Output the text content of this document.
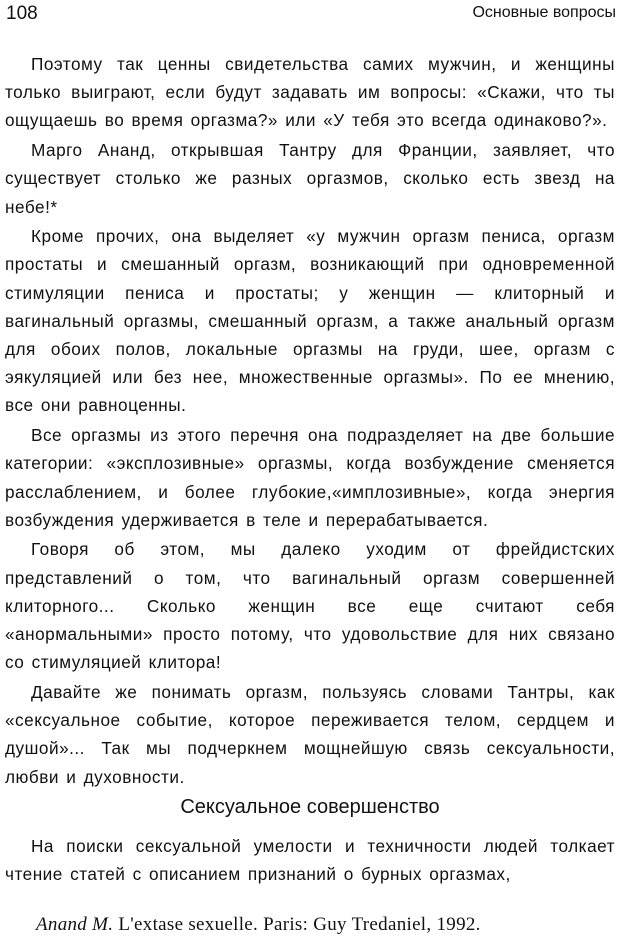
108	Основные вопросы

Поэтому так ценны свидетельства самих мужчин, и женщины только выиграют, если будут задавать им вопросы: «Скажи, что ты ощущаешь во время оргазма?» или «У тебя это всегда одинаково?».

Марго Ананд, открывшая Тантру для Франции, заявляет, что существует столько же разных оргазмов, сколько есть звезд на небе!*

Кроме прочих, она выделяет «у мужчин оргазм пениса, оргазм простаты и смешанный оргазм, возникающий при одновременной стимуляции пениса и простаты; у женщин — клиторный и вагинальный оргазмы, смешанный оргазм, а также анальный оргазм для обоих полов, локальные оргазмы на груди, шее, оргазм с эякуляцией или без нее, множественные оргазмы». По ее мнению, все они равноценны.

Все оргазмы из этого перечня она подразделяет на две большие категории: «эксплозивные» оргазмы, когда возбуждение сменяется расслаблением, и более глубокие,«имплозивные», когда энергия возбуждения удерживается в теле и перерабатывается.

Говоря об этом, мы далеко уходим от фрейдистских представлений о том, что вагинальный оргазм совершенней клиторного... Сколько женщин все еще считают себя «анормальными» просто потому, что удовольствие для них связано со стимуляцией клитора!

Давайте же понимать оргазм, пользуясь словами Тантры, как «сексуальное событие, которое переживается телом, сердцем и душой»... Так мы подчеркнем мощнейшую связь сексуальности, любви и духовности.

Сексуальное совершенство

На поиски сексуальной умелости и техничности людей толкает чтение статей с описанием признаний о бурных оргазмах,

Anand M. L'extase sexuelle. Paris: Guy Tredaniel, 1992.
